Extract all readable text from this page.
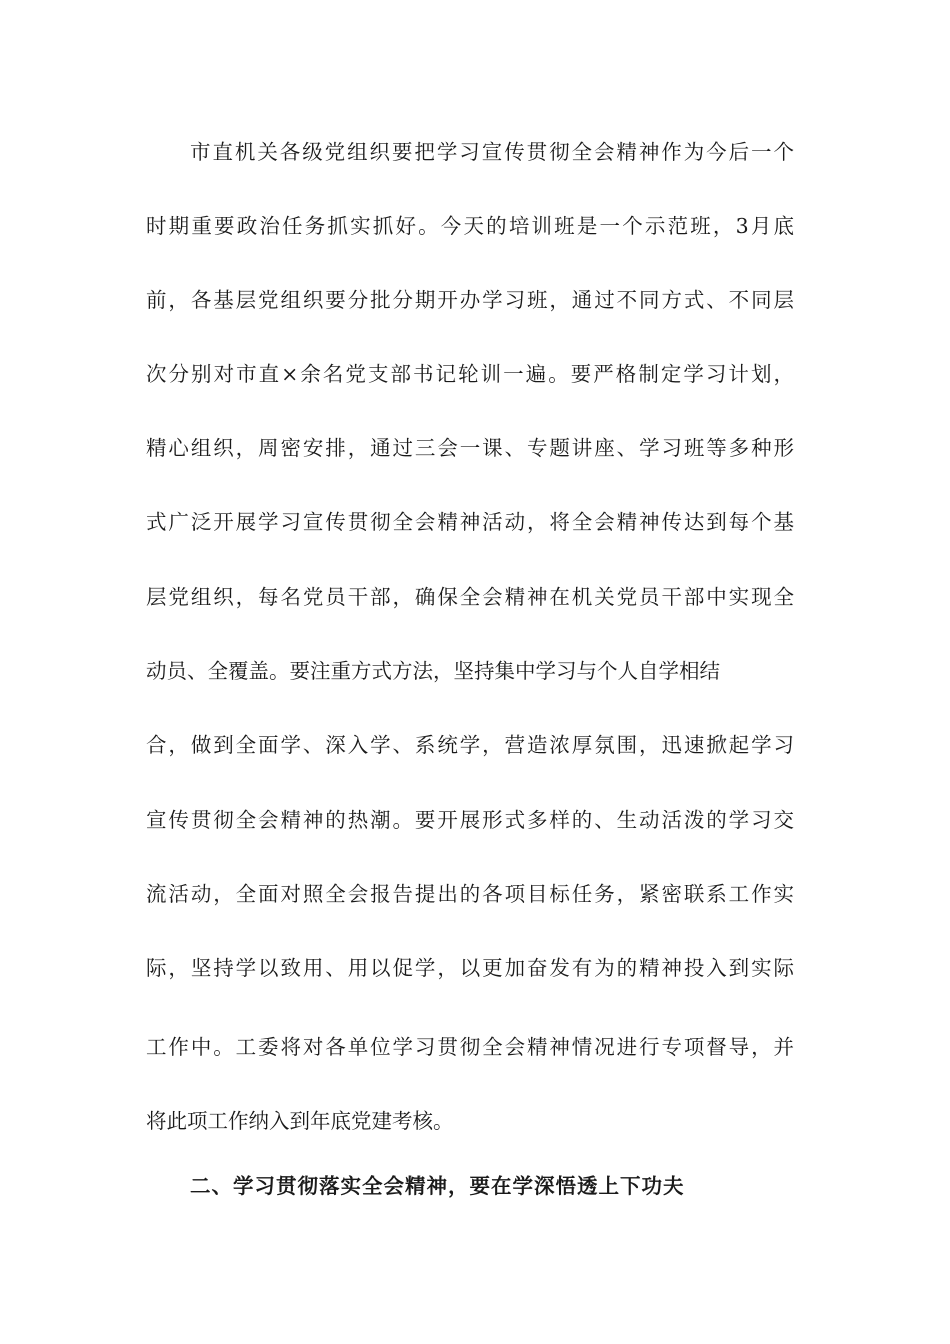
市直机关各级党组织要把学习宣传贯彻全会精神作为今后一个
时期重要政治任务抓实抓好。今天的培训班是一个示范班，3月底
前，各基层党组织要分批分期开办学习班，通过不同方式、不同层
次分别对市直×余名党支部书记轮训一遍。要严格制定学习计划，
精心组织，周密安排，通过三会一课、专题讲座、学习班等多种形
式广泛开展学习宣传贯彻全会精神活动，将全会精神传达到每个基
层党组织，每名党员干部，确保全会精神在机关党员干部中实现全
动员、全覆盖。要注重方式方法，坚持集中学习与个人自学相结
合，做到全面学、深入学、系统学，营造浓厚氛围，迅速掀起学习
宣传贯彻全会精神的热潮。要开展形式多样的、生动活泼的学习交
流活动，全面对照全会报告提出的各项目标任务，紧密联系工作实
际，坚持学以致用、用以促学，以更加奋发有为的精神投入到实际
工作中。工委将对各单位学习贯彻全会精神情况进行专项督导，并
将此项工作纳入到年底党建考核。
二、学习贯彻落实全会精神，要在学深悟透上下功夫
